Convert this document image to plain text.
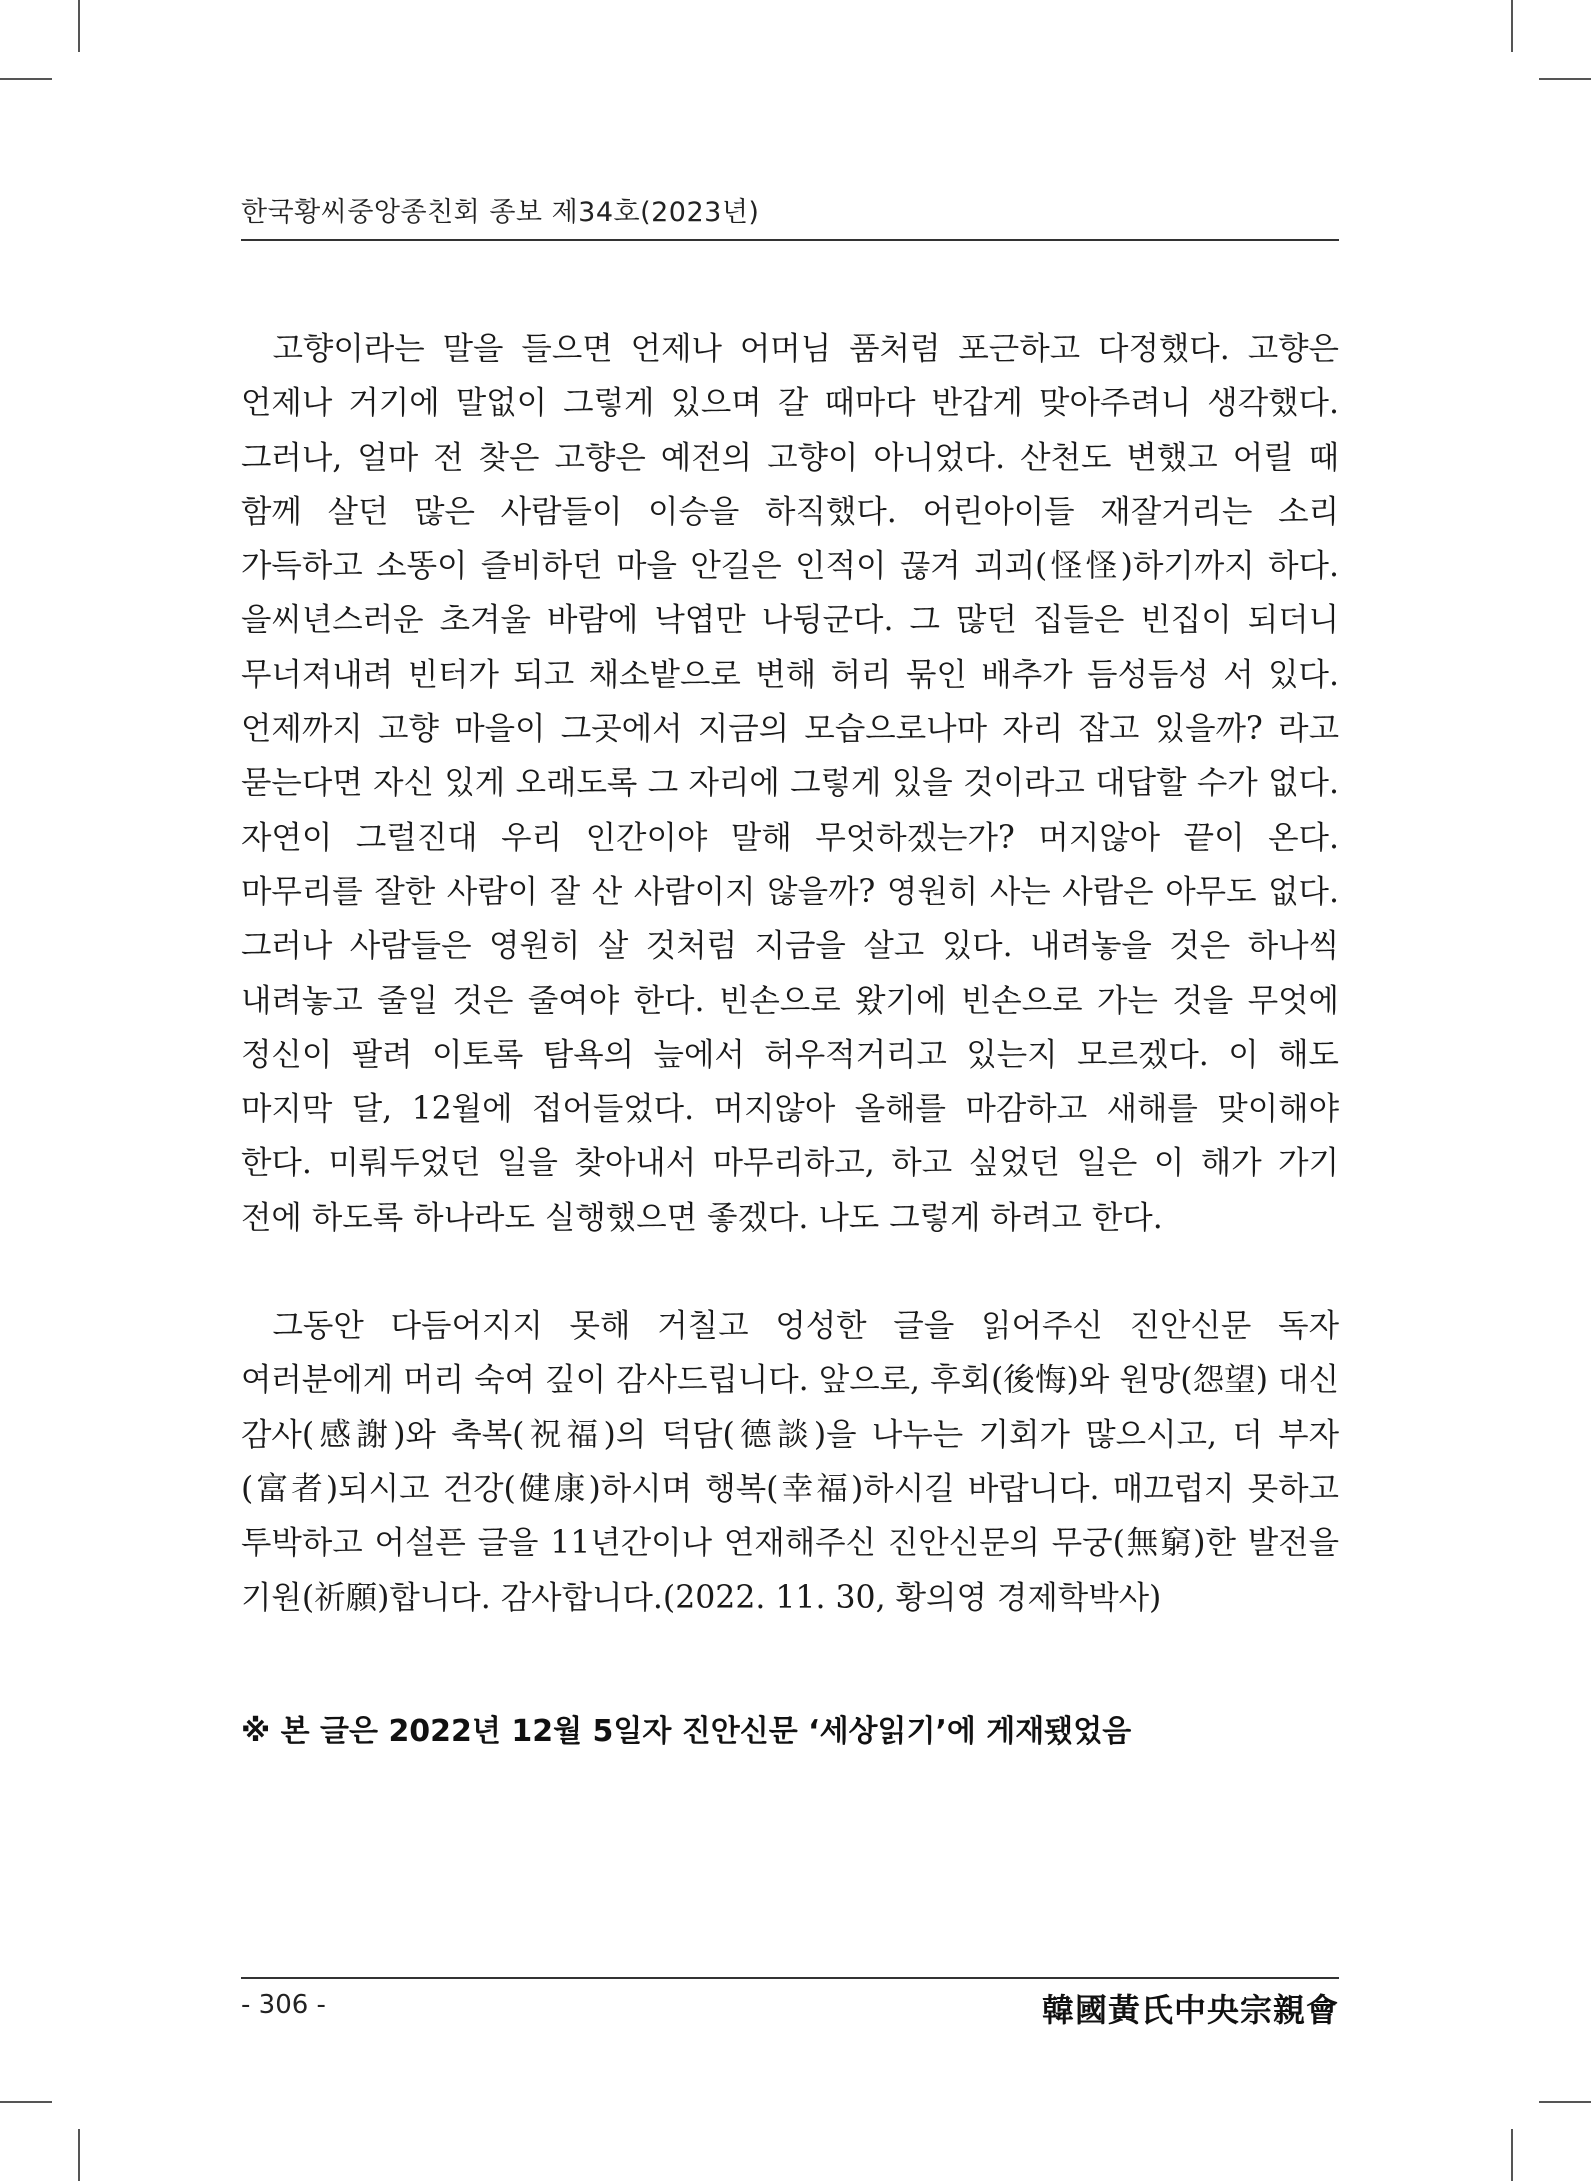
한국황씨중앙종친회 종보 제34호(2023년)

고향이라는 말을 들으면 언제나 어머님 품처럼 포근하고 다정했다. 고향은 언제나 거기에 말없이 그렇게 있으며 갈 때마다 반갑게 맞아주려니 생각했다. 그러나, 얼마 전 찾은 고향은 예전의 고향이 아니었다. 산천도 변했고 어릴 때 함께 살던 많은 사람들이 이승을 하직했다. 어린아이들 재잘거리는 소리 가득하고 소똥이 즐비하던 마을 안길은 인적이 끊겨 괴괴(怪怪)하기까지 하다. 을씨년스러운 초겨울 바람에 낙엽만 나뒹군다. 그 많던 집들은 빈집이 되더니 무너져내려 빈터가 되고 채소밭으로 변해 허리 묶인 배추가 듬성듬성 서 있다. 언제까지 고향 마을이 그곳에서 지금의 모습으로나마 자리 잡고 있을까? 라고 묻는다면 자신 있게 오래도록 그 자리에 그렇게 있을 것이라고 대답할 수가 없다. 자연이 그럴진대 우리 인간이야 말해 무엇하겠는가? 머지않아 끝이 온다. 마무리를 잘한 사람이 잘 산 사람이지 않을까? 영원히 사는 사람은 아무도 없다. 그러나 사람들은 영원히 살 것처럼 지금을 살고 있다. 내려놓을 것은 하나씩 내려놓고 줄일 것은 줄여야 한다. 빈손으로 왔기에 빈손으로 가는 것을 무엇에 정신이 팔려 이토록 탐욕의 늪에서 허우적거리고 있는지 모르겠다. 이 해도 마지막 달, 12월에 접어들었다. 머지않아 올해를 마감하고 새해를 맞이해야 한다. 미뤄두었던 일을 찾아내서 마무리하고, 하고 싶었던 일은 이 해가 가기 전에 하도록 하나라도 실행했으면 좋겠다. 나도 그렇게 하려고 한다.

그동안 다듬어지지 못해 거칠고 엉성한 글을 읽어주신 진안신문 독자 여러분에게 머리 숙여 깊이 감사드립니다. 앞으로, 후회(後悔)와 원망(怨望) 대신 감사(感謝)와 축복(祝福)의 덕담(德談)을 나누는 기회가 많으시고, 더 부자(富者)되시고 건강(健康)하시며 행복(幸福)하시길 바랍니다. 매끄럽지 못하고 투박하고 어설픈 글을 11년간이나 연재해주신 진안신문의 무궁(無窮)한 발전을 기원(祈願)합니다. 감사합니다.(2022. 11. 30, 황의영 경제학박사)

※ 본 글은 2022년 12월 5일자 진안신문 ‘세상읽기’에 게재됐었음
- 306 -	韓國黃氏中央宗親會
